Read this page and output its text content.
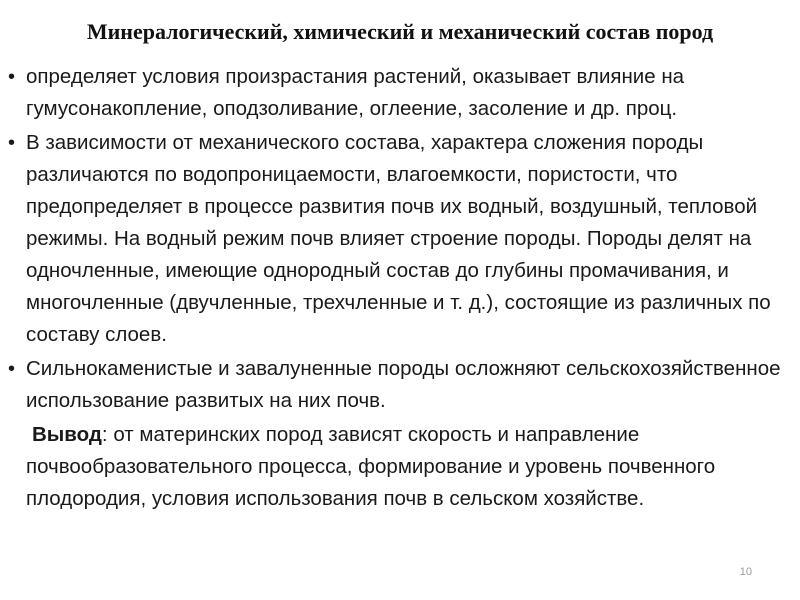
Минералогический, химический и механический состав пород
• определяет условия произрастания растений, оказывает влияние на гумусонакопление, оподзоливание, оглеение, засоление и др. проц.
• В зависимости от механического состава, характера сложения породы различаются по водопроницаемости, влагоемкости, пористости, что предопределяет в процессе развития почв их водный, воздушный, тепловой режимы. На водный режим почв влияет строение породы. Породы делят на одночленные, имеющие однородный состав до глубины промачивания, и многочленные (двучленные, трехчленные и т. д.), состоящие из различных по составу слоев.
• Сильнокаменистые и завалуненные породы осложняют сельскохозяйственное использование развитых на них почв.
Вывод: от материнских пород зависят скорость и направление почвообразовательного процесса, формирование и уровень почвенного плодородия, условия использования почв в сельском хозяйстве.
10
